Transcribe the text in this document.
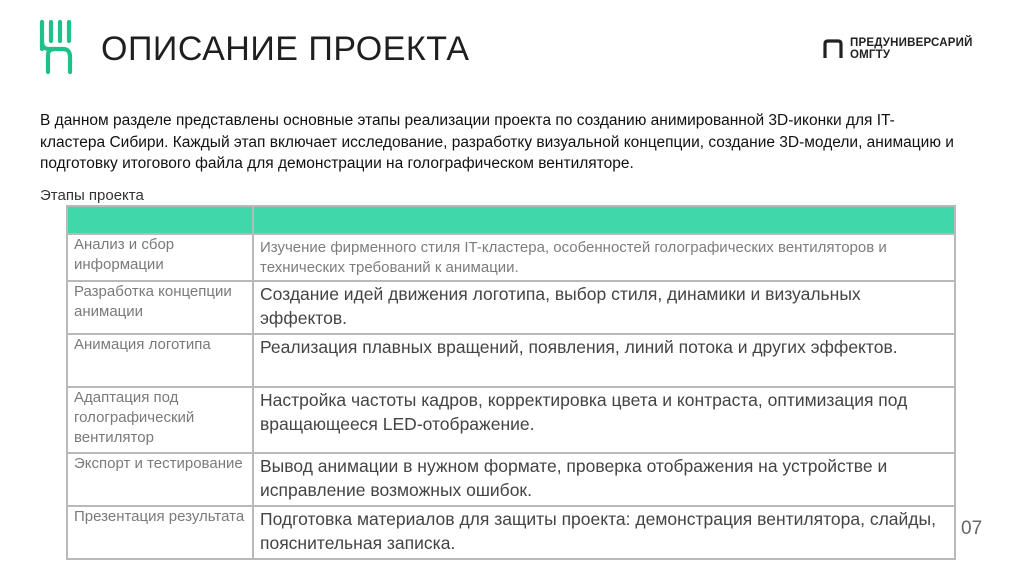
ОПИСАНИЕ ПРОЕКТА	ПРЕДУНИВЕРСАРИЙ
ОМГТУ
В данном разделе представлены основные этапы реализации проекта по созданию анимированной 3D-иконки для IT-кластера Сибири. Каждый этап включает исследование, разработку визуальной концепции, создание 3D-модели, анимацию и подготовку итогового файла для демонстрации на голографическом вентиляторе.
Этапы проекта

Анализ и сбор информации	Изучение фирменного стиля IT-кластера, особенностей голографических вентиляторов и технических требований к анимации.
Разработка концепции анимации	Создание идей движения логотипа, выбор стиля, динамики и визуальных эффектов.
Анимация логотипа	Реализация плавных вращений, появления, линий потока и других эффектов.
Адаптация под голографический вентилятор	Настройка частоты кадров, корректировка цвета и контраста, оптимизация под вращающееся LED-отображение.
Экспорт и тестирование	Вывод анимации в нужном формате, проверка отображения на устройстве и исправление возможных ошибок.
Презентация результата	Подготовка материалов для защиты проекта: демонстрация вентилятора, слайды, пояснительная записка.
07
